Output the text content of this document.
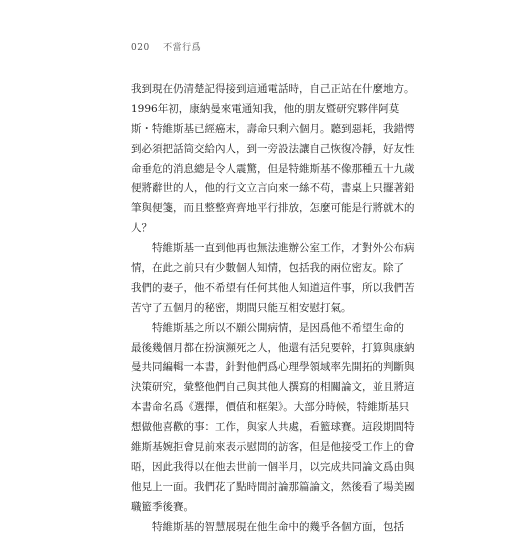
020 不當行爲
我到現在仍清楚記得接到這通電話時，自己正站在什麼地方。
1996年初，康納曼來電通知我，他的朋友暨研究夥伴阿莫
斯・特維斯基已經癌末，壽命只剩六個月。聽到惡耗，我錯愕
到必須把話筒交給內人，到一旁設法讓自己恢復冷靜，好友性
命垂危的消息總是令人震驚，但是特維斯基不像那種五十九歲
便將辭世的人，他的行文立言向來一絲不苟，書桌上只擺著鉛
筆與便箋，而且整整齊齊地平行排放，怎麼可能是行將就木的
人？
特維斯基一直到他再也無法進辦公室工作，才對外公布病
情，在此之前只有少數個人知情，包括我的兩位密友。除了
我們的妻子，他不希望有任何其他人知道這件事，所以我們苦
苦守了五個月的秘密，期間只能互相安慰打氣。
特維斯基之所以不願公開病情，是因爲他不希望生命的
最後幾個月都在扮演瀕死之人，他還有活兒要幹，打算與康納
曼共同編輯一本書，針對他們爲心理學領域率先開拓的判斷與
決策研究，彙整他們自己與其他人撰寫的相關論文，並且將這
本書命名爲《選擇，價值和框架》。大部分時候，特維斯基只
想做他喜歡的事：工作，與家人共處，看籃球賽。這段期間特
維斯基婉拒會見前來表示慰問的訪客，但是他接受工作上的會
晤，因此我得以在他去世前一個半月，以完成共同論文爲由與
他見上一面。我們花了點時間討論那篇論文，然後看了場美國
職籃季後賽。
特維斯基的智慧展現在他生命中的幾乎各個方面，包括
